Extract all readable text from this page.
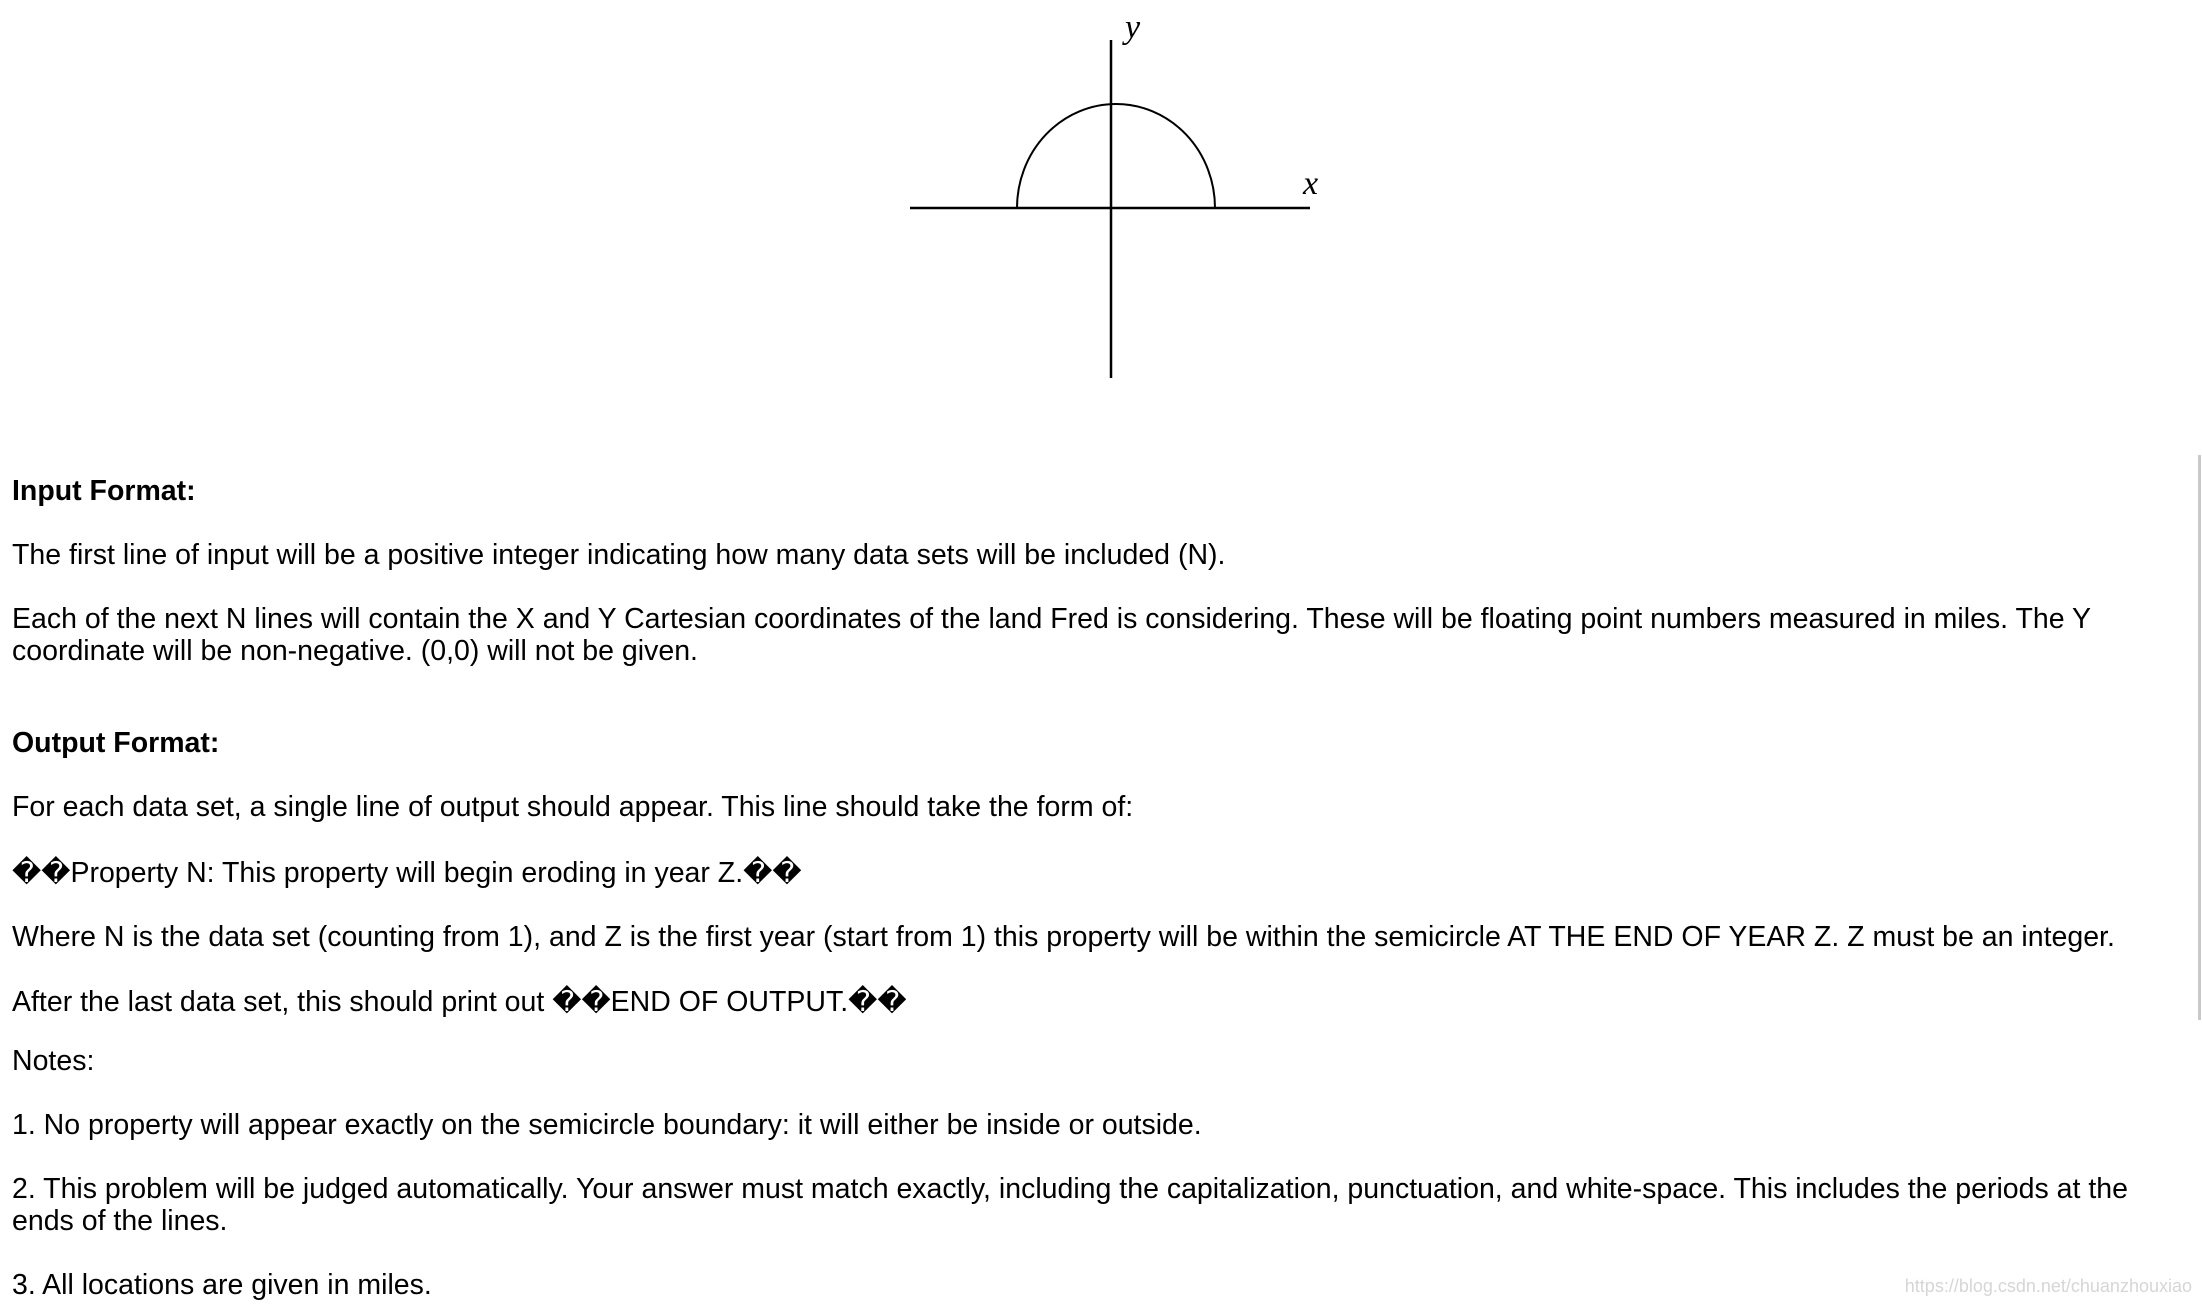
y
x
Input Format:
The first line of input will be a positive integer indicating how many data sets will be included (N).
Each of the next N lines will contain the X and Y Cartesian coordinates of the land Fred is considering. These will be floating point numbers measured in miles. The Y coordinate will be non-negative. (0,0) will not be given.
Output Format:
For each data set, a single line of output should appear. This line should take the form of:
��Property N: This property will begin eroding in year Z.��
Where N is the data set (counting from 1), and Z is the first year (start from 1) this property will be within the semicircle AT THE END OF YEAR Z. Z must be an integer.
After the last data set, this should print out ��END OF OUTPUT.��
Notes:
1. No property will appear exactly on the semicircle boundary: it will either be inside or outside.
2. This problem will be judged automatically. Your answer must match exactly, including the capitalization, punctuation, and white-space. This includes the periods at the ends of the lines.
3. All locations are given in miles.	https://blog.csdn.net/chuanzhouxiao
